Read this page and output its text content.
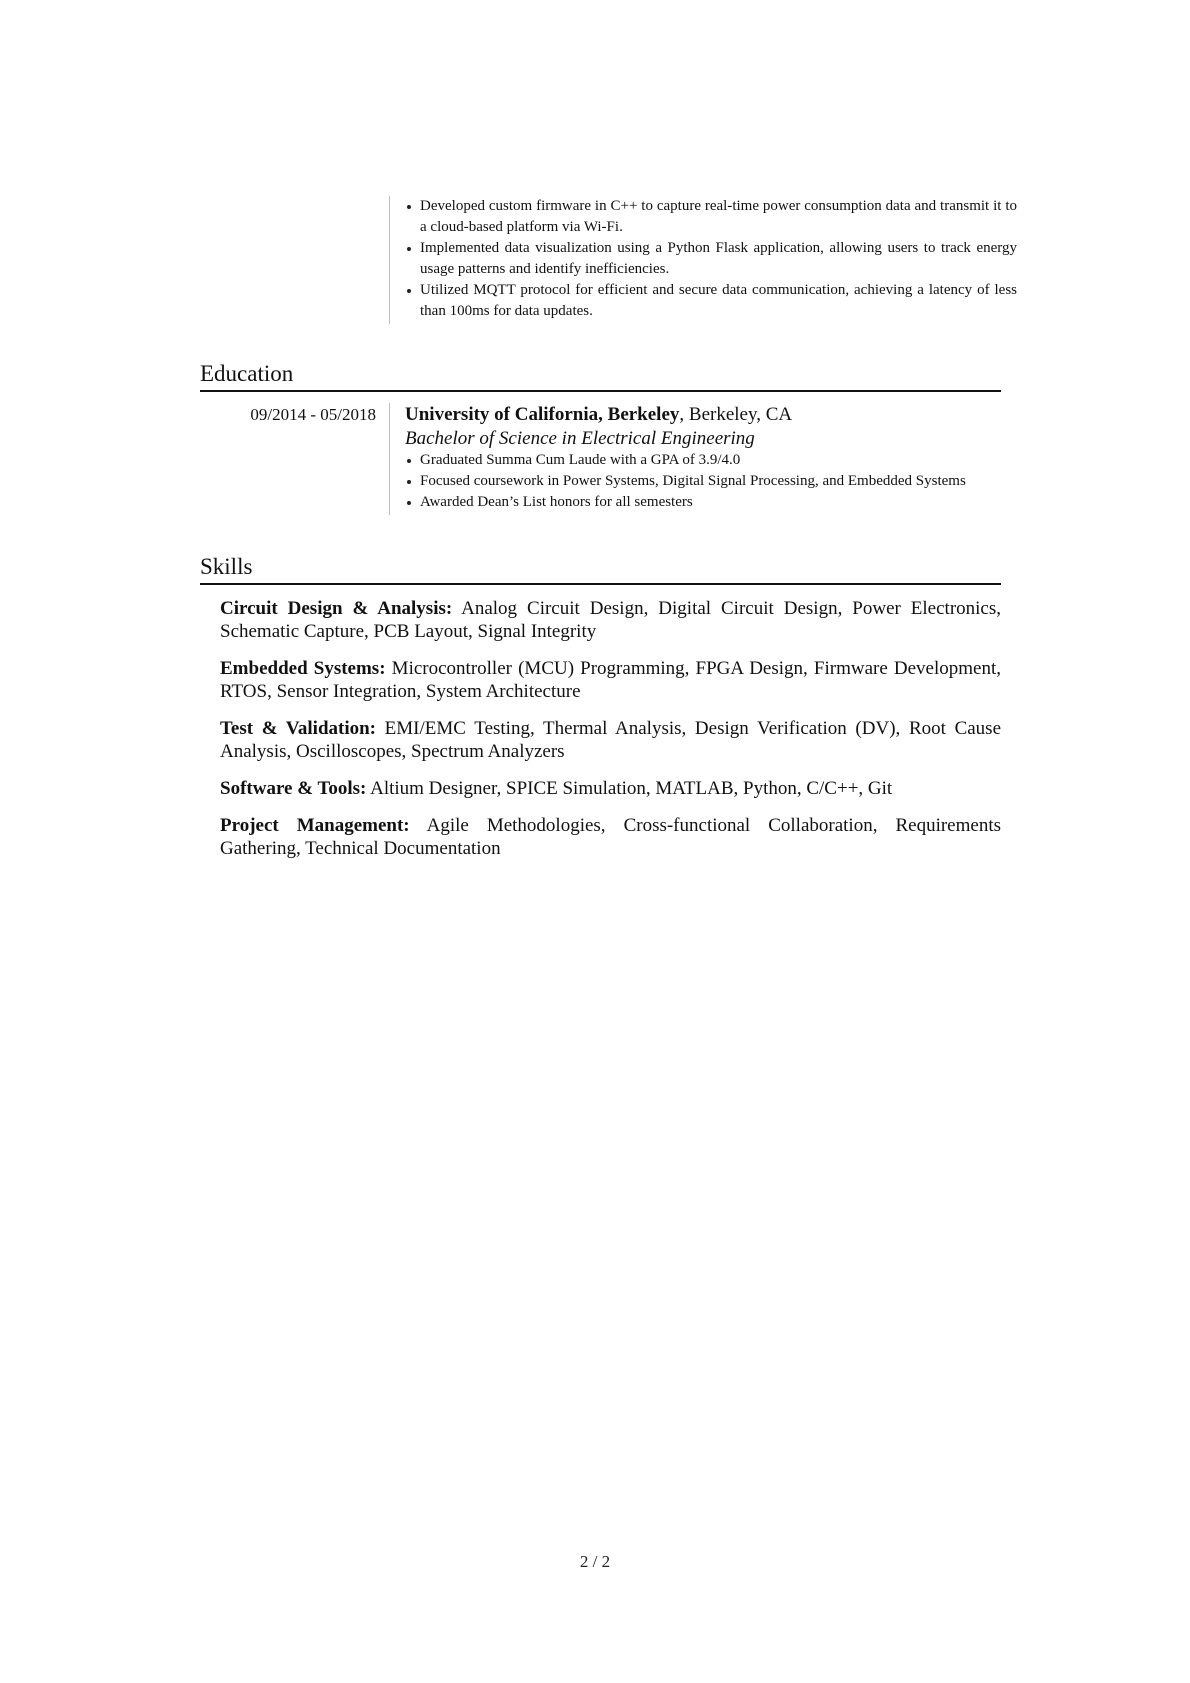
Developed custom firmware in C++ to capture real-time power consumption data and transmit it to a cloud-based platform via Wi-Fi.
Implemented data visualization using a Python Flask application, allowing users to track energy usage patterns and identify inefficiencies.
Utilized MQTT protocol for efficient and secure data communication, achieving a latency of less than 100ms for data updates.
Education
09/2014 - 05/2018 University of California, Berkeley, Berkeley, CA
Bachelor of Science in Electrical Engineering
Graduated Summa Cum Laude with a GPA of 3.9/4.0
Focused coursework in Power Systems, Digital Signal Processing, and Embedded Systems
Awarded Dean’s List honors for all semesters
Skills
Circuit Design & Analysis: Analog Circuit Design, Digital Circuit Design, Power Electronics, Schematic Capture, PCB Layout, Signal Integrity
Embedded Systems: Microcontroller (MCU) Programming, FPGA Design, Firmware Development, RTOS, Sensor Integration, System Architecture
Test & Validation: EMI/EMC Testing, Thermal Analysis, Design Verification (DV), Root Cause Analysis, Oscilloscopes, Spectrum Analyzers
Software & Tools: Altium Designer, SPICE Simulation, MATLAB, Python, C/C++, Git
Project Management: Agile Methodologies, Cross-functional Collaboration, Requirements Gathering, Technical Documentation
2 / 2
